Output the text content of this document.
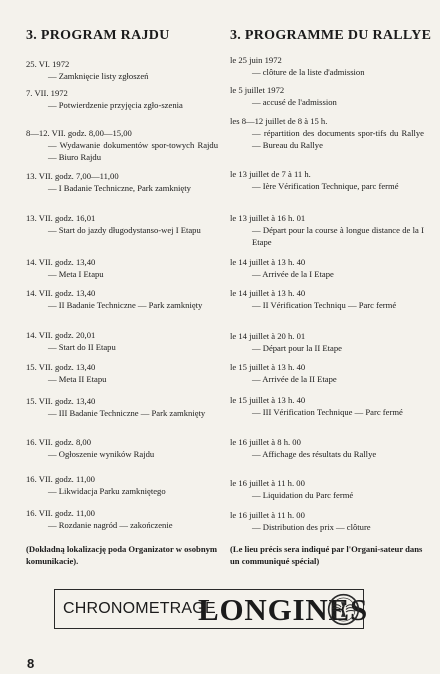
3. PROGRAM RAJDU
25. VI. 1972
— Zamknięcie listy zgłoszeń
7. VII. 1972
— Potwierdzenie przyjęcia zgło-szenia
8—12. VII. godz. 8,00—15,00
— Wydawanie dokumentów spor-towych Rajdu — Biuro Rajdu
13. VII. godz. 7,00—11,00
— I Badanie Techniczne, Park zamknięty
13. VII. godz. 16,01
— Start do jazdy długodystanso-wej I Etapu
14. VII. godz. 13,40
— Meta I Etapu
14. VII. godz. 13,40
— II Badanie Techniczne — Park zamknięty
14. VII. godz. 20,01
— Start do II Etapu
15. VII. godz. 13,40
— Meta II Etapu
15. VII. godz. 13,40
— III Badanie Techniczne — Park zamknięty
16. VII. godz. 8,00
— Ogłoszenie wyników Rajdu
16. VII. godz. 11,00
— Likwidacja Parku zamkniętego
16. VII. godz. 11,00
— Rozdanie nagród — zakończenie
(Dokładną lokalizację poda Organizator w osobnym komunikacie).
3. PROGRAMME DU RALLYE
le 25 juin 1972
— clôture de la liste d'admission
le 5 juillet 1972
— accusé de l'admission
les 8—12 juillet de 8 à 15 h.
— répartition des documents spor-tifs du Rallye — Bureau du Rallye
le 13 juillet de 7 à 11 h.
— Ière Vérification Technique, parc fermé
le 13 juillet à 16 h. 01
— Départ pour la course à longue distance de la I Etape
le 14 juillet à 13 h. 40
— Arrivée de la I Etape
le 14 juillet à 13 h. 40
— II Vérification Techniqu — Parc fermé
le 14 juillet à 20 h. 01
— Départ pour la II Etape
le 15 juillet à 13 h. 40
— Arrivée de la II Etape
le 15 juillet à 13 h. 40
— III Vérification Technique — Parc fermé
le 16 juillet à 8 h. 00
— Affichage des résultats du Rallye
le 16 juillet à 11 h. 00
— Liquidation du Parc fermé
le 16 juillet à 11 h. 00
— Distribution des prix — clôture
(Le lieu précis sera indiqué par l'Organi-sateur dans un communiqué spécial)
CHRONOMETRAGE
LONGINES
8
